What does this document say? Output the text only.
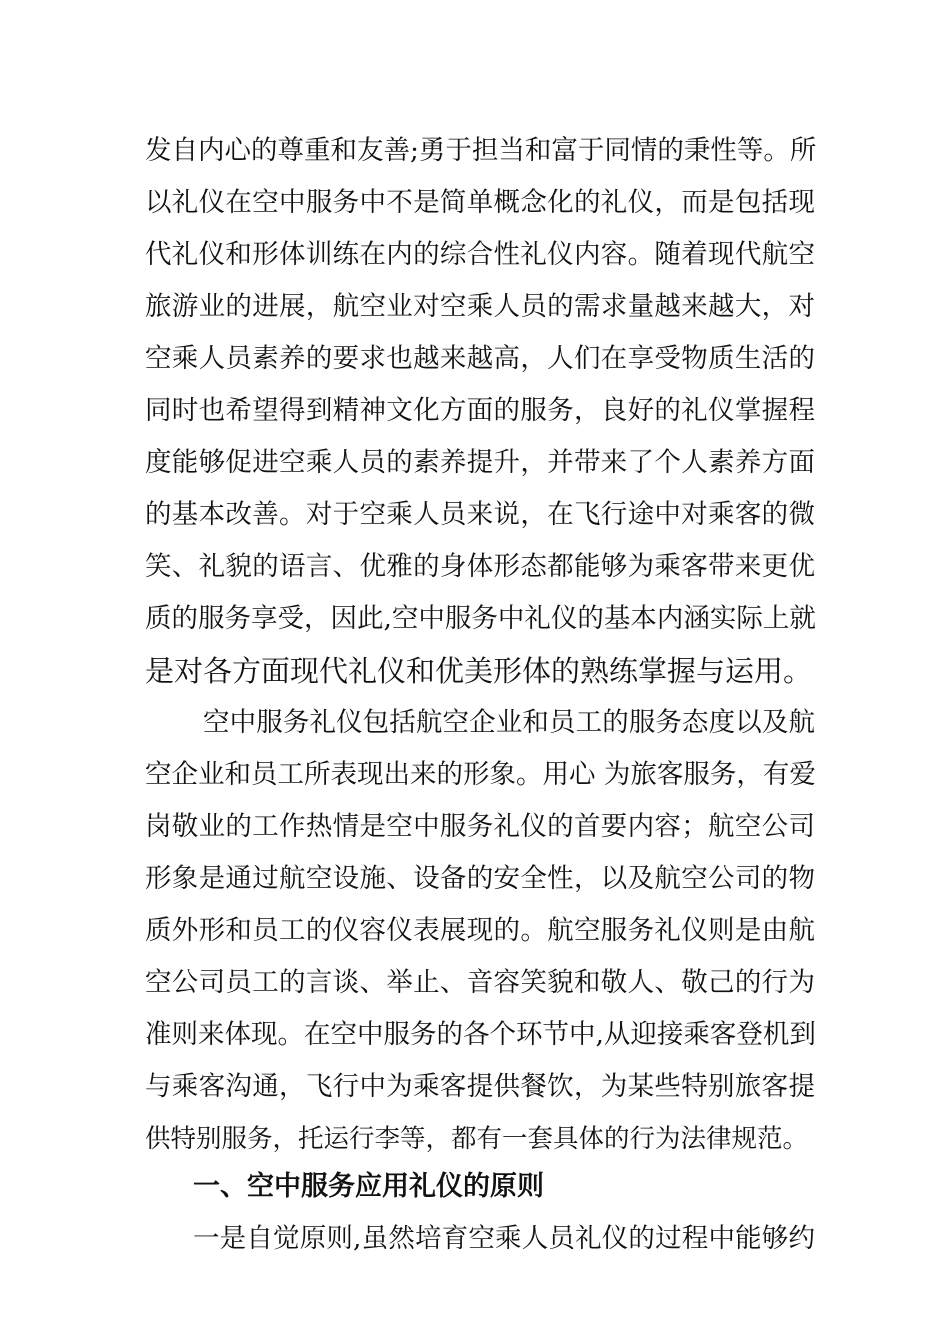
发自内心的尊重和友善;勇于担当和富于同情的秉性等。所
以礼仪在空中服务中不是简单概念化的礼仪，而是包括现
代礼仪和形体训练在内的综合性礼仪内容。随着现代航空
旅游业的进展，航空业对空乘人员的需求量越来越大，对
空乘人员素养的要求也越来越高，人们在享受物质生活的
同时也希望得到精神文化方面的服务，良好的礼仪掌握程
度能够促进空乘人员的素养提升，并带来了个人素养方面
的基本改善。对于空乘人员来说，在飞行途中对乘客的微
笑、礼貌的语言、优雅的身体形态都能够为乘客带来更优
质的服务享受，因此,空中服务中礼仪的基本内涵实际上就
是对各方面现代礼仪和优美形体的熟练掌握与运用。
空中服务礼仪包括航空企业和员工的服务态度以及航
空企业和员工所表现出来的形象。用心 为旅客服务，有爱
岗敬业的工作热情是空中服务礼仪的首要内容；航空公司
形象是通过航空设施、设备的安全性，以及航空公司的物
质外形和员工的仪容仪表展现的。航空服务礼仪则是由航
空公司员工的言谈、举止、音容笑貌和敬人、敬己的行为
准则来体现。在空中服务的各个环节中,从迎接乘客登机到
与乘客沟通，飞行中为乘客提供餐饮，为某些特别旅客提
供特别服务，托运行李等，都有一套具体的行为法律规范。
一、空中服务应用礼仪的原则
一是自觉原则,虽然培育空乘人员礼仪的过程中能够约
